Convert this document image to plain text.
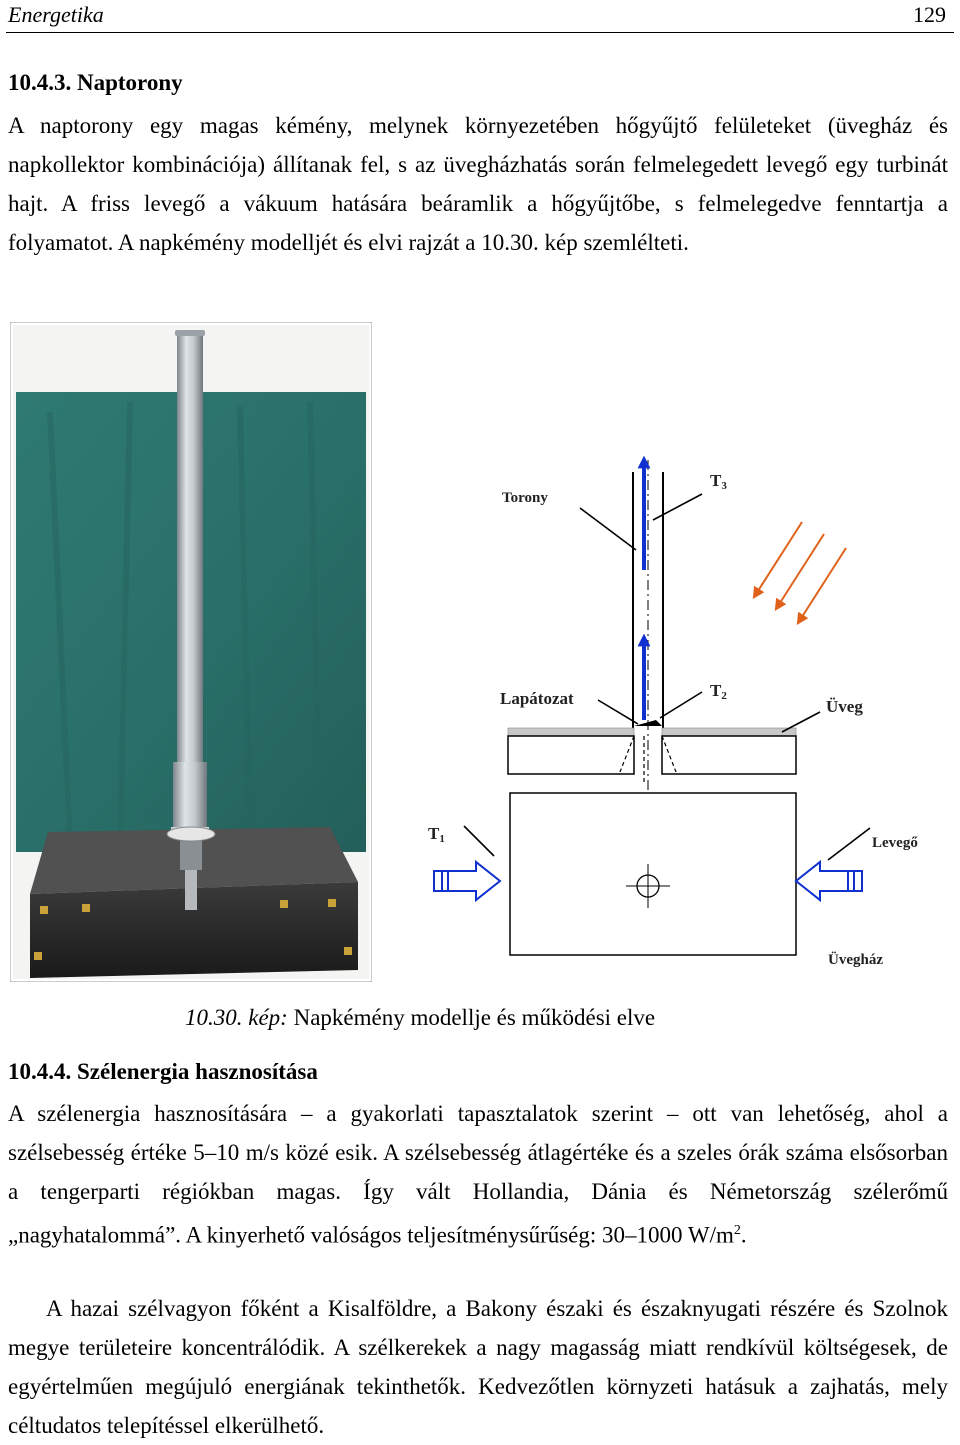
Energetika	129
10.4.3. Naptorony
A naptorony egy magas kémény, melynek környezetében hőgyűjtő felületeket (üvegház és napkollektor kombinációja) állítanak fel, s az üvegházhatás során felmelegedett levegő egy turbinát hajt. A friss levegő a vákuum hatására beáramlik a hőgyűjtőbe, s felmelegedve fenntartja a folyamatot. A napkémény modelljét és elvi rajzát a 10.30. kép szemlélteti.
Torony
T3
Lapátozat	T2
Üveg
T1	Levegő
Üvegház
10.30. kép: Napkémény modellje és működési elve
10.4.4. Szélenergia hasznosítása
A szélenergia hasznosítására – a gyakorlati tapasztalatok szerint – ott van lehetőség, ahol a szélsebesség értéke 5–10 m/s közé esik. A szélsebesség átlagértéke és a szeles órák száma elsősorban a tengerparti régiókban magas. Így vált Hollandia, Dánia és Németország szélerőmű „nagyhatalommá”. A kinyerhető valóságos teljesítménysűrűség: 30–1000 $W/m^2$.
A hazai szélvagyon főként a Kisalföldre, a Bakony északi és északnyugati részére és Szolnok megye területeire koncentrálódik. A szélkerekek a nagy magasság miatt rendkívül költségesek, de egyértelműen megújuló energiának tekinthetők. Kedvezőtlen környzeti hatásuk a zajhatás, mely céltudatos telepítéssel elkerülhető.
